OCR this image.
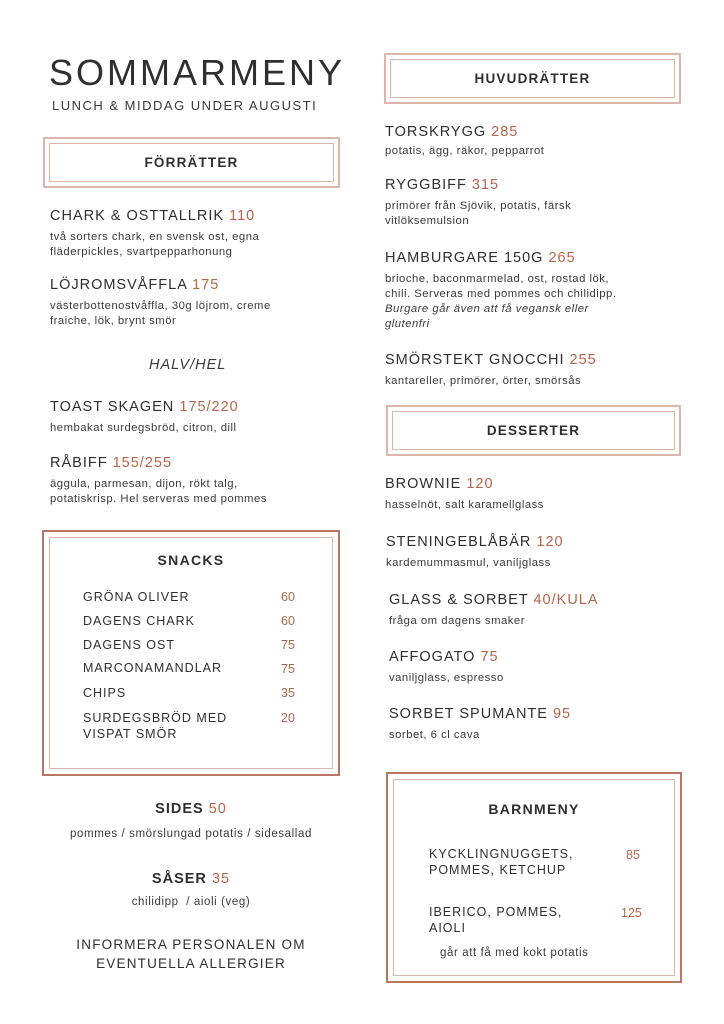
SOMMARMENY
LUNCH & MIDDAG UNDER AUGUSTI
FÖRRÄTTER
CHARK & OSTTALLRIK 110
två sorters chark, en svensk ost, egna
fläderpickles, svartpepparhonung
LÖJROMSVÅFFLA 175
västerbottenostvåffla, 30g löjrom, creme
fraiche, lök, brynt smör
HALV/HEL
TOAST SKAGEN 175/220
hembakat surdegsbröd, citron, dill
RÅBIFF 155/255
äggula, parmesan, dijon, rökt talg,
potatiskrisp. Hel serveras med pommes
SNACKS
GRÖNA OLIVER	60
DAGENS CHARK	60
DAGENS OST	75
MARCONAMANDLAR	75
CHIPS	35
SURDEGSBRÖD MED
VISPAT SMÖR
20
SIDES 50
pommes / smörslungad potatis / sidesallad
SÅSER 35
chilidipp  / aioli (veg)
INFORMERA PERSONALEN OM
EVENTUELLA ALLERGIER
HUVUDRÄTTER
TORSKRYGG 285
potatis, ägg, räkor, pepparrot
RYGGBIFF 315
primörer från Sjövik, potatis, färsk
vitlöksemulsion
HAMBURGARE 150G 265
brioche, baconmarmelad, ost, rostad lök,
chili. Serveras med pommes och chilidipp.
Burgare går även att få vegansk eller
glutenfri
SMÖRSTEKT GNOCCHI 255
kantareller, primörer, örter, smörsås
DESSERTER
BROWNIE 120
hasselnöt, salt karamellglass
STENINGEBLÅBÄR 120
kardemummasmul, vaniljglass
GLASS & SORBET 40/KULA
fråga om dagens smaker
AFFOGATO 75
vaniljglass, espresso
SORBET SPUMANTE 95
sorbet, 6 cl cava
BARNMENY
KYCKLINGNUGGETS,
POMMES, KETCHUP
85
IBERICO, POMMES,
AIOLI
125
går att få med kokt potatis
